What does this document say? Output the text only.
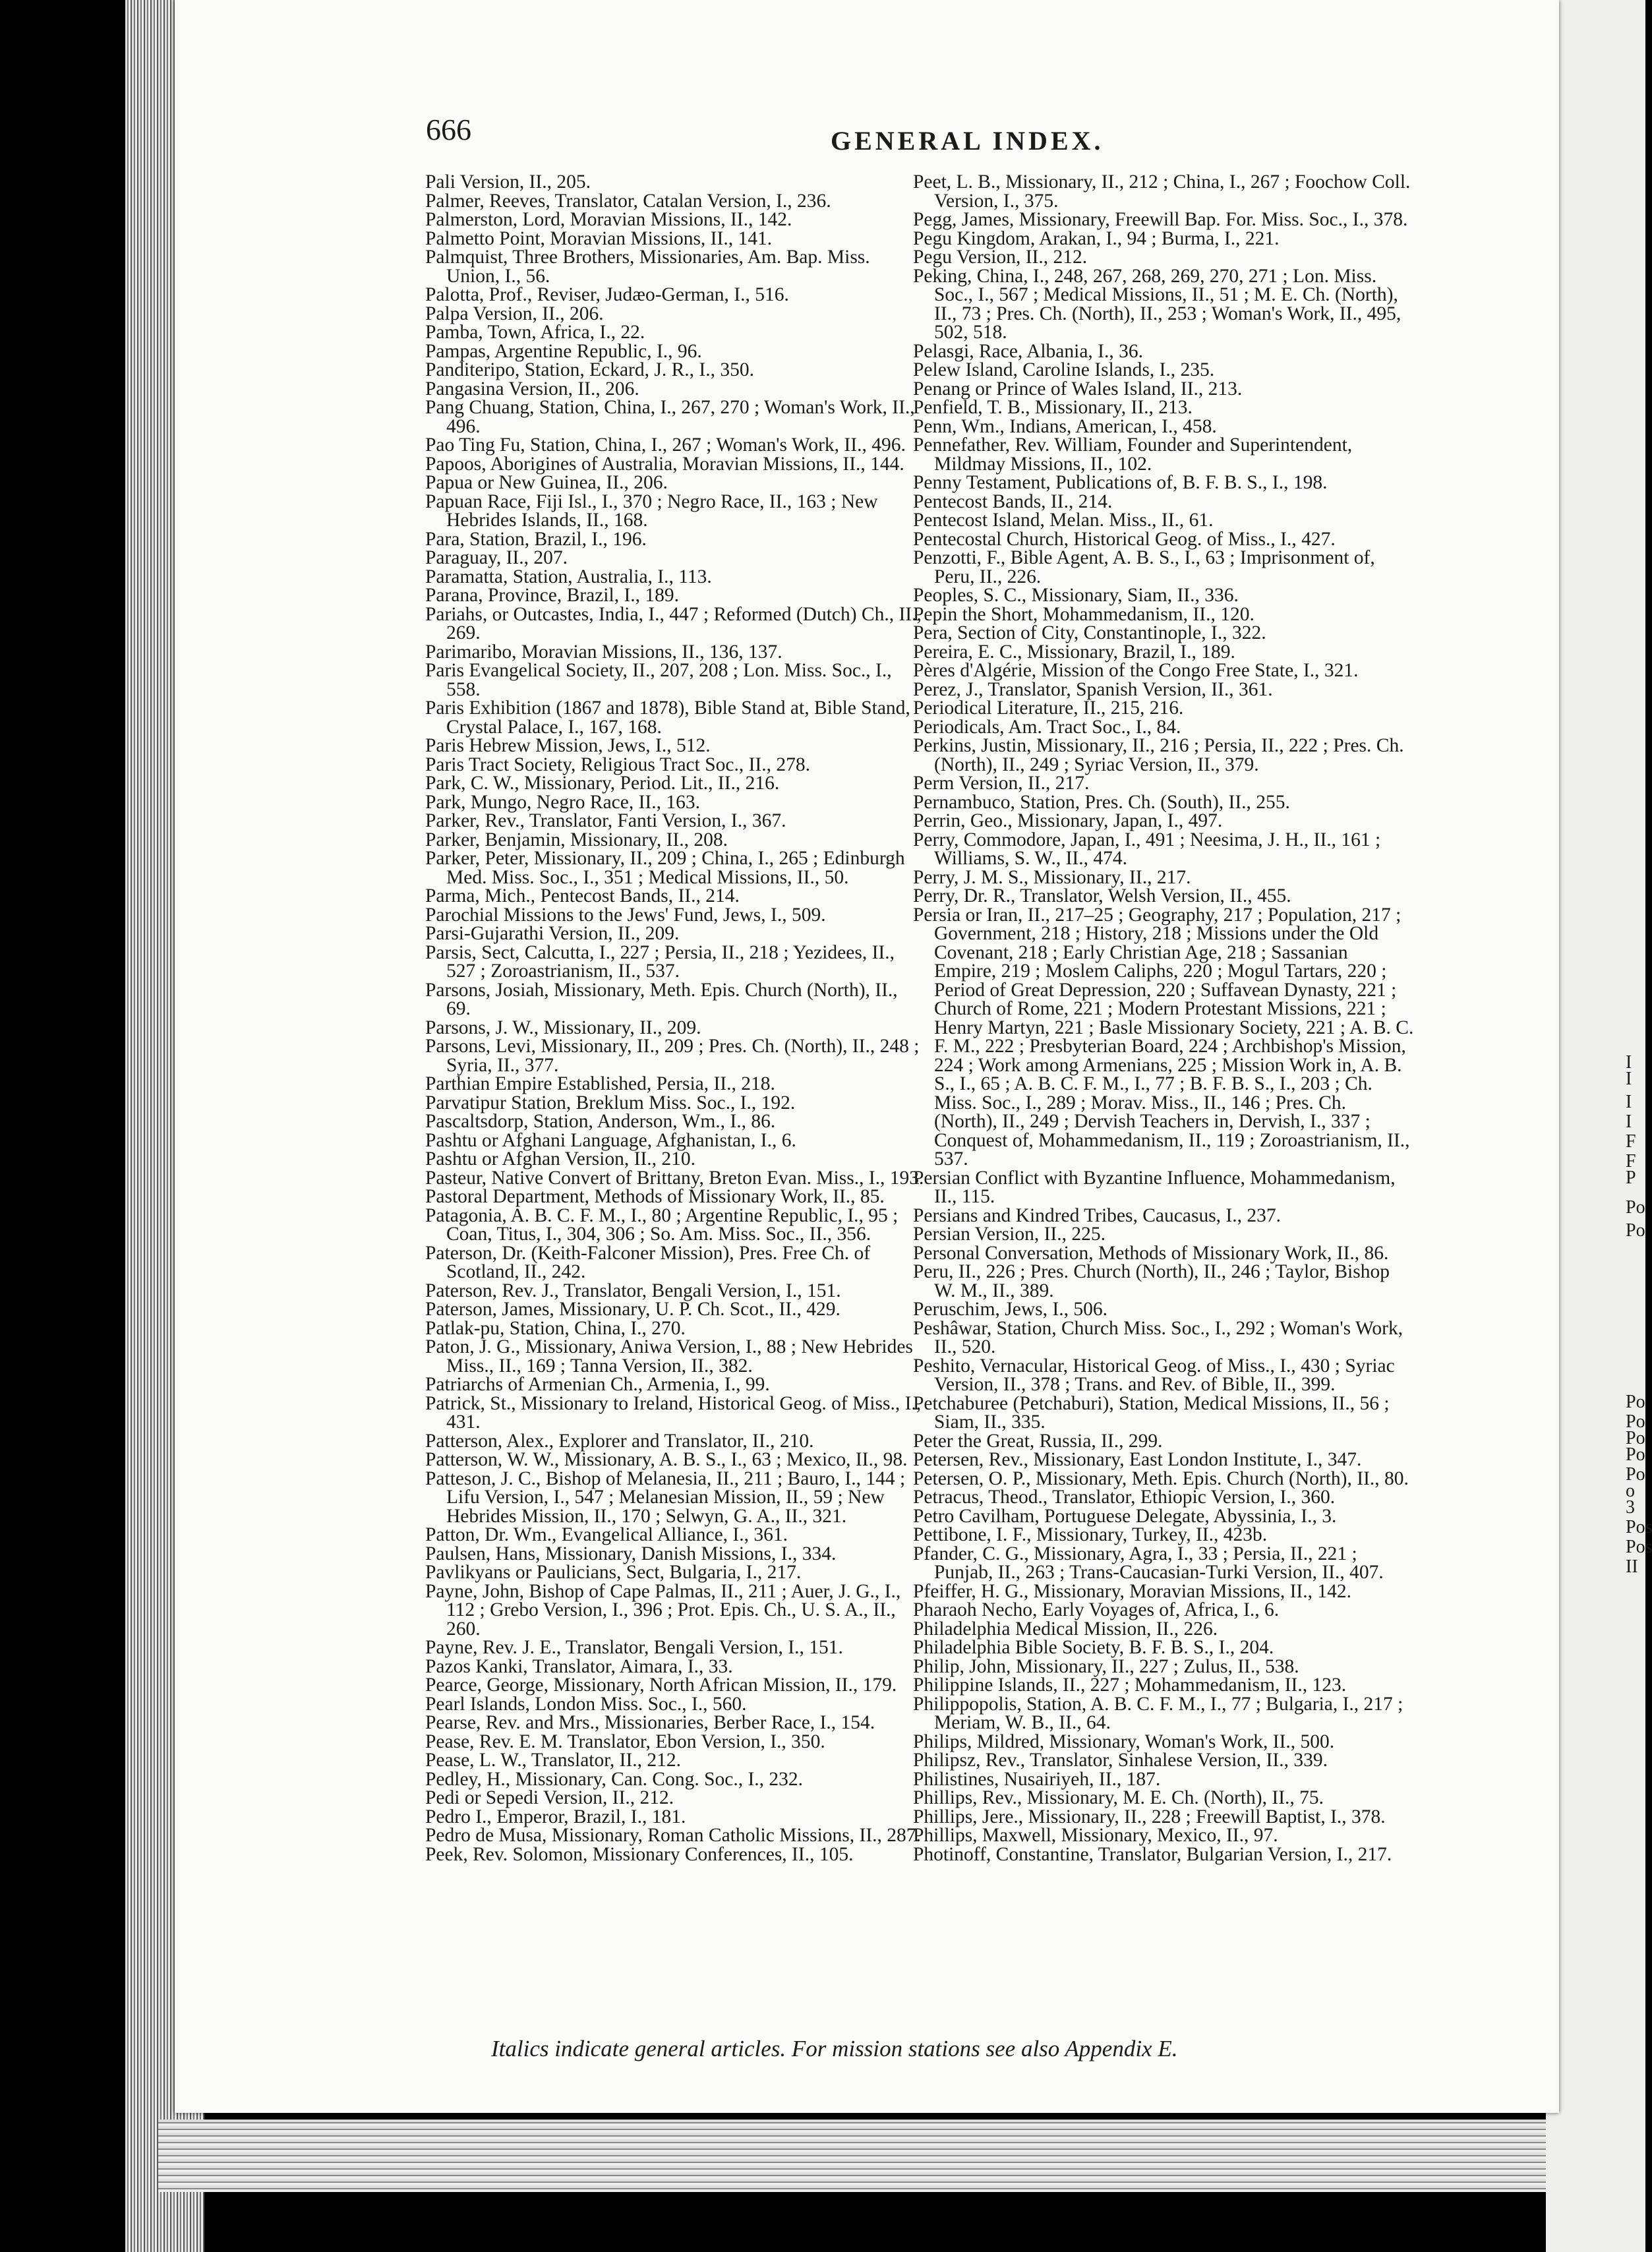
I
I
I
I
F
F
P
Po
Po
Po
Po
Po
Po
Po
o
3
Pos
Pos
II
666	GENERAL INDEX.

Pali Version, II., 205.

Palmer, Reeves, Translator, Catalan Version, I., 236.

Palmerston, Lord, Moravian Missions, II., 142.

Palmetto Point, Moravian Missions, II., 141.

Palmquist, Three Brothers, Missionaries, Am. Bap. Miss. Union, I., 56.

Palotta, Prof., Reviser, Judæo-German, I., 516.

Palpa Version, II., 206.

Pamba, Town, Africa, I., 22.

Pampas, Argentine Republic, I., 96.

Panditeripo, Station, Eckard, J. R., I., 350.

Pangasina Version, II., 206.

Pang Chuang, Station, China, I., 267, 270 ; Woman's Work, II., 496.

Pao Ting Fu, Station, China, I., 267 ; Woman's Work, II., 496.

Papoos, Aborigines of Australia, Moravian Missions, II., 144.

Papua or New Guinea, II., 206.

Papuan Race, Fiji Isl., I., 370 ; Negro Race, II., 163 ; New Hebrides Islands, II., 168.

Para, Station, Brazil, I., 196.

Paraguay, II., 207.

Paramatta, Station, Australia, I., 113.

Parana, Province, Brazil, I., 189.

Pariahs, or Outcastes, India, I., 447 ; Reformed (Dutch) Ch., II., 269.

Parimaribo, Moravian Missions, II., 136, 137.

Paris Evangelical Society, II., 207, 208 ; Lon. Miss. Soc., I., 558.

Paris Exhibition (1867 and 1878), Bible Stand at, Bible Stand, Crystal Palace, I., 167, 168.

Paris Hebrew Mission, Jews, I., 512.

Paris Tract Society, Religious Tract Soc., II., 278.

Park, C. W., Missionary, Period. Lit., II., 216.

Park, Mungo, Negro Race, II., 163.

Parker, Rev., Translator, Fanti Version, I., 367.

Parker, Benjamin, Missionary, II., 208.

Parker, Peter, Missionary, II., 209 ; China, I., 265 ; Edinburgh Med. Miss. Soc., I., 351 ; Medical Missions, II., 50.

Parma, Mich., Pentecost Bands, II., 214.

Parochial Missions to the Jews' Fund, Jews, I., 509.

Parsi-Gujarathi Version, II., 209.

Parsis, Sect, Calcutta, I., 227 ; Persia, II., 218 ; Yezidees, II., 527 ; Zoroastrianism, II., 537.

Parsons, Josiah, Missionary, Meth. Epis. Church (North), II., 69.

Parsons, J. W., Missionary, II., 209.

Parsons, Levi, Missionary, II., 209 ; Pres. Ch. (North), II., 248 ; Syria, II., 377.

Parthian Empire Established, Persia, II., 218.

Parvatipur Station, Breklum Miss. Soc., I., 192.

Pascaltsdorp, Station, Anderson, Wm., I., 86.

Pashtu or Afghani Language, Afghanistan, I., 6.

Pashtu or Afghan Version, II., 210.

Pasteur, Native Convert of Brittany, Breton Evan. Miss., I., 193.

Pastoral Department, Methods of Missionary Work, II., 85.

Patagonia, A. B. C. F. M., I., 80 ; Argentine Republic, I., 95 ; Coan, Titus, I., 304, 306 ; So. Am. Miss. Soc., II., 356.

Paterson, Dr. (Keith-Falconer Mission), Pres. Free Ch. of Scotland, II., 242.

Paterson, Rev. J., Translator, Bengali Version, I., 151.

Paterson, James, Missionary, U. P. Ch. Scot., II., 429.

Patlak-pu, Station, China, I., 270.

Paton, J. G., Missionary, Aniwa Version, I., 88 ; New Hebrides Miss., II., 169 ; Tanna Version, II., 382.

Patriarchs of Armenian Ch., Armenia, I., 99.

Patrick, St., Missionary to Ireland, Historical Geog. of Miss., I., 431.

Patterson, Alex., Explorer and Translator, II., 210.

Patterson, W. W., Missionary, A. B. S., I., 63 ; Mexico, II., 98.

Patteson, J. C., Bishop of Melanesia, II., 211 ; Bauro, I., 144 ; Lifu Version, I., 547 ; Melanesian Mission, II., 59 ; New Hebrides Mission, II., 170 ; Selwyn, G. A., II., 321.

Patton, Dr. Wm., Evangelical Alliance, I., 361.

Paulsen, Hans, Missionary, Danish Missions, I., 334.

Pavlikyans or Paulicians, Sect, Bulgaria, I., 217.

Payne, John, Bishop of Cape Palmas, II., 211 ; Auer, J. G., I., 112 ; Grebo Version, I., 396 ; Prot. Epis. Ch., U. S. A., II., 260.

Payne, Rev. J. E., Translator, Bengali Version, I., 151.

Pazos Kanki, Translator, Aimara, I., 33.

Pearce, George, Missionary, North African Mission, II., 179.

Pearl Islands, London Miss. Soc., I., 560.

Pearse, Rev. and Mrs., Missionaries, Berber Race, I., 154.

Pease, Rev. E. M. Translator, Ebon Version, I., 350.

Pease, L. W., Translator, II., 212.

Pedley, H., Missionary, Can. Cong. Soc., I., 232.

Pedi or Sepedi Version, II., 212.

Pedro I., Emperor, Brazil, I., 181.

Pedro de Musa, Missionary, Roman Catholic Missions, II., 287.

Peek, Rev. Solomon, Missionary Conferences, II., 105.

Peet, L. B., Missionary, II., 212 ; China, I., 267 ; Foochow Coll. Version, I., 375.

Pegg, James, Missionary, Freewill Bap. For. Miss. Soc., I., 378.

Pegu Kingdom, Arakan, I., 94 ; Burma, I., 221.

Pegu Version, II., 212.

Peking, China, I., 248, 267, 268, 269, 270, 271 ; Lon. Miss. Soc., I., 567 ; Medical Missions, II., 51 ; M. E. Ch. (North), II., 73 ; Pres. Ch. (North), II., 253 ; Woman's Work, II., 495, 502, 518.

Pelasgi, Race, Albania, I., 36.

Pelew Island, Caroline Islands, I., 235.

Penang or Prince of Wales Island, II., 213.

Penfield, T. B., Missionary, II., 213.

Penn, Wm., Indians, American, I., 458.

Pennefather, Rev. William, Founder and Superintendent, Mildmay Missions, II., 102.

Penny Testament, Publications of, B. F. B. S., I., 198.

Pentecost Bands, II., 214.

Pentecost Island, Melan. Miss., II., 61.

Pentecostal Church, Historical Geog. of Miss., I., 427.

Penzotti, F., Bible Agent, A. B. S., I., 63 ; Imprisonment of, Peru, II., 226.

Peoples, S. C., Missionary, Siam, II., 336.

Pepin the Short, Mohammedanism, II., 120.

Pera, Section of City, Constantinople, I., 322.

Pereira, E. C., Missionary, Brazil, I., 189.

Pères d'Algérie, Mission of the Congo Free State, I., 321.

Perez, J., Translator, Spanish Version, II., 361.

Periodical Literature, II., 215, 216.

Periodicals, Am. Tract Soc., I., 84.

Perkins, Justin, Missionary, II., 216 ; Persia, II., 222 ; Pres. Ch. (North), II., 249 ; Syriac Version, II., 379.

Perm Version, II., 217.

Pernambuco, Station, Pres. Ch. (South), II., 255.

Perrin, Geo., Missionary, Japan, I., 497.

Perry, Commodore, Japan, I., 491 ; Neesima, J. H., II., 161 ; Williams, S. W., II., 474.

Perry, J. M. S., Missionary, II., 217.

Perry, Dr. R., Translator, Welsh Version, II., 455.

Persia or Iran, II., 217–25 ; Geography, 217 ; Population, 217 ; Government, 218 ; History, 218 ; Missions under the Old Covenant, 218 ; Early Christian Age, 218 ; Sassanian Empire, 219 ; Moslem Caliphs, 220 ; Mogul Tartars, 220 ; Period of Great Depression, 220 ; Suffavean Dynasty, 221 ; Church of Rome, 221 ; Modern Protestant Missions, 221 ; Henry Martyn, 221 ; Basle Missionary Society, 221 ; A. B. C. F. M., 222 ; Presbyterian Board, 224 ; Archbishop's Mission, 224 ; Work among Armenians, 225 ; Mission Work in, A. B. S., I., 65 ; A. B. C. F. M., I., 77 ; B. F. B. S., I., 203 ; Ch. Miss. Soc., I., 289 ; Morav. Miss., II., 146 ; Pres. Ch. (North), II., 249 ; Dervish Teachers in, Dervish, I., 337 ; Conquest of, Mohammedanism, II., 119 ; Zoroastrianism, II., 537.

Persian Conflict with Byzantine Influence, Mohammedanism, II., 115.

Persians and Kindred Tribes, Caucasus, I., 237.

Persian Version, II., 225.

Personal Conversation, Methods of Missionary Work, II., 86.

Peru, II., 226 ; Pres. Church (North), II., 246 ; Taylor, Bishop W. M., II., 389.

Peruschim, Jews, I., 506.

Peshâwar, Station, Church Miss. Soc., I., 292 ; Woman's Work, II., 520.

Peshito, Vernacular, Historical Geog. of Miss., I., 430 ; Syriac Version, II., 378 ; Trans. and Rev. of Bible, II., 399.

Petchaburee (Petchaburi), Station, Medical Missions, II., 56 ; Siam, II., 335.

Peter the Great, Russia, II., 299.

Petersen, Rev., Missionary, East London Institute, I., 347.

Petersen, O. P., Missionary, Meth. Epis. Church (North), II., 80.

Petracus, Theod., Translator, Ethiopic Version, I., 360.

Petro Cavilham, Portuguese Delegate, Abyssinia, I., 3.

Pettibone, I. F., Missionary, Turkey, II., 423b.

Pfander, C. G., Missionary, Agra, I., 33 ; Persia, II., 221 ; Punjab, II., 263 ; Trans-Caucasian-Turki Version, II., 407.

Pfeiffer, H. G., Missionary, Moravian Missions, II., 142.

Pharaoh Necho, Early Voyages of, Africa, I., 6.

Philadelphia Medical Mission, II., 226.

Philadelphia Bible Society, B. F. B. S., I., 204.

Philip, John, Missionary, II., 227 ; Zulus, II., 538.

Philippine Islands, II., 227 ; Mohammedanism, II., 123.

Philippopolis, Station, A. B. C. F. M., I., 77 ; Bulgaria, I., 217 ; Meriam, W. B., II., 64.

Philips, Mildred, Missionary, Woman's Work, II., 500.

Philipsz, Rev., Translator, Sinhalese Version, II., 339.

Philistines, Nusairiyeh, II., 187.

Phillips, Rev., Missionary, M. E. Ch. (North), II., 75.

Phillips, Jere., Missionary, II., 228 ; Freewill Baptist, I., 378.

Phillips, Maxwell, Missionary, Mexico, II., 97.

Photinoff, Constantine, Translator, Bulgarian Version, I., 217.

Italics indicate general articles. For mission stations see also Appendix E.
